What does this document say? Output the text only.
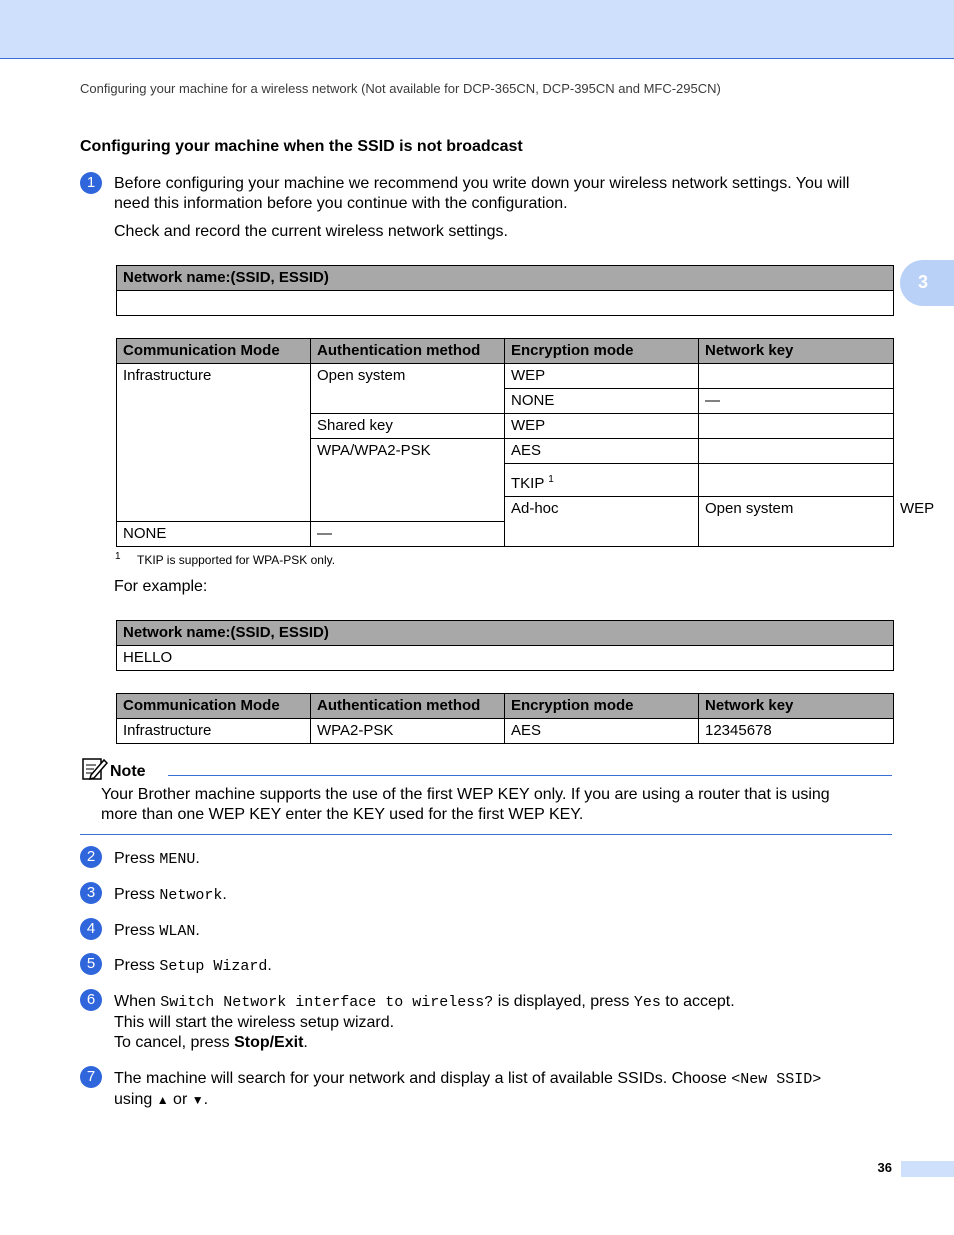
Configuring your machine for a wireless network (Not available for DCP-365CN, DCP-395CN and MFC-295CN)
3
Configuring your machine when the SSID is not broadcast
1	Before configuring your machine we recommend you write down your wireless network settings. You will
need this information before you continue with the configuration.
Check and record the current wireless network settings.
Network name:(SSID, ESSID)

Communication Mode	Authentication method	Encryption mode	Network key	
Infrastructure	Open system	WEP		
		NONE	—	
	Shared key	WEP		
	WPA/WPA2-PSK	AES		
		TKIP $^1$	
		Ad-hoc	Open system	WEP	
NONE	—			
1 TKIP is supported for WPA-PSK only.
For example:
Network name:(SSID, ESSID)
HELLO
Communication Mode	Authentication method	Encryption mode	Network key
Infrastructure	WPA2-PSK	AES	12345678
Note
Your Brother machine supports the use of the first WEP KEY only. If you are using a router that is using
more than one WEP KEY enter the KEY used for the first WEP KEY.
2	Press MENU.
3	Press Network.
4	Press WLAN.
5	Press Setup Wizard.
6	When Switch Network interface to wireless? is displayed, press Yes to accept.
This will start the wireless setup wizard.
To cancel, press Stop/Exit.
7	The machine will search for your network and display a list of available SSIDs. Choose <New SSID>
using ▲ or ▼.
36
